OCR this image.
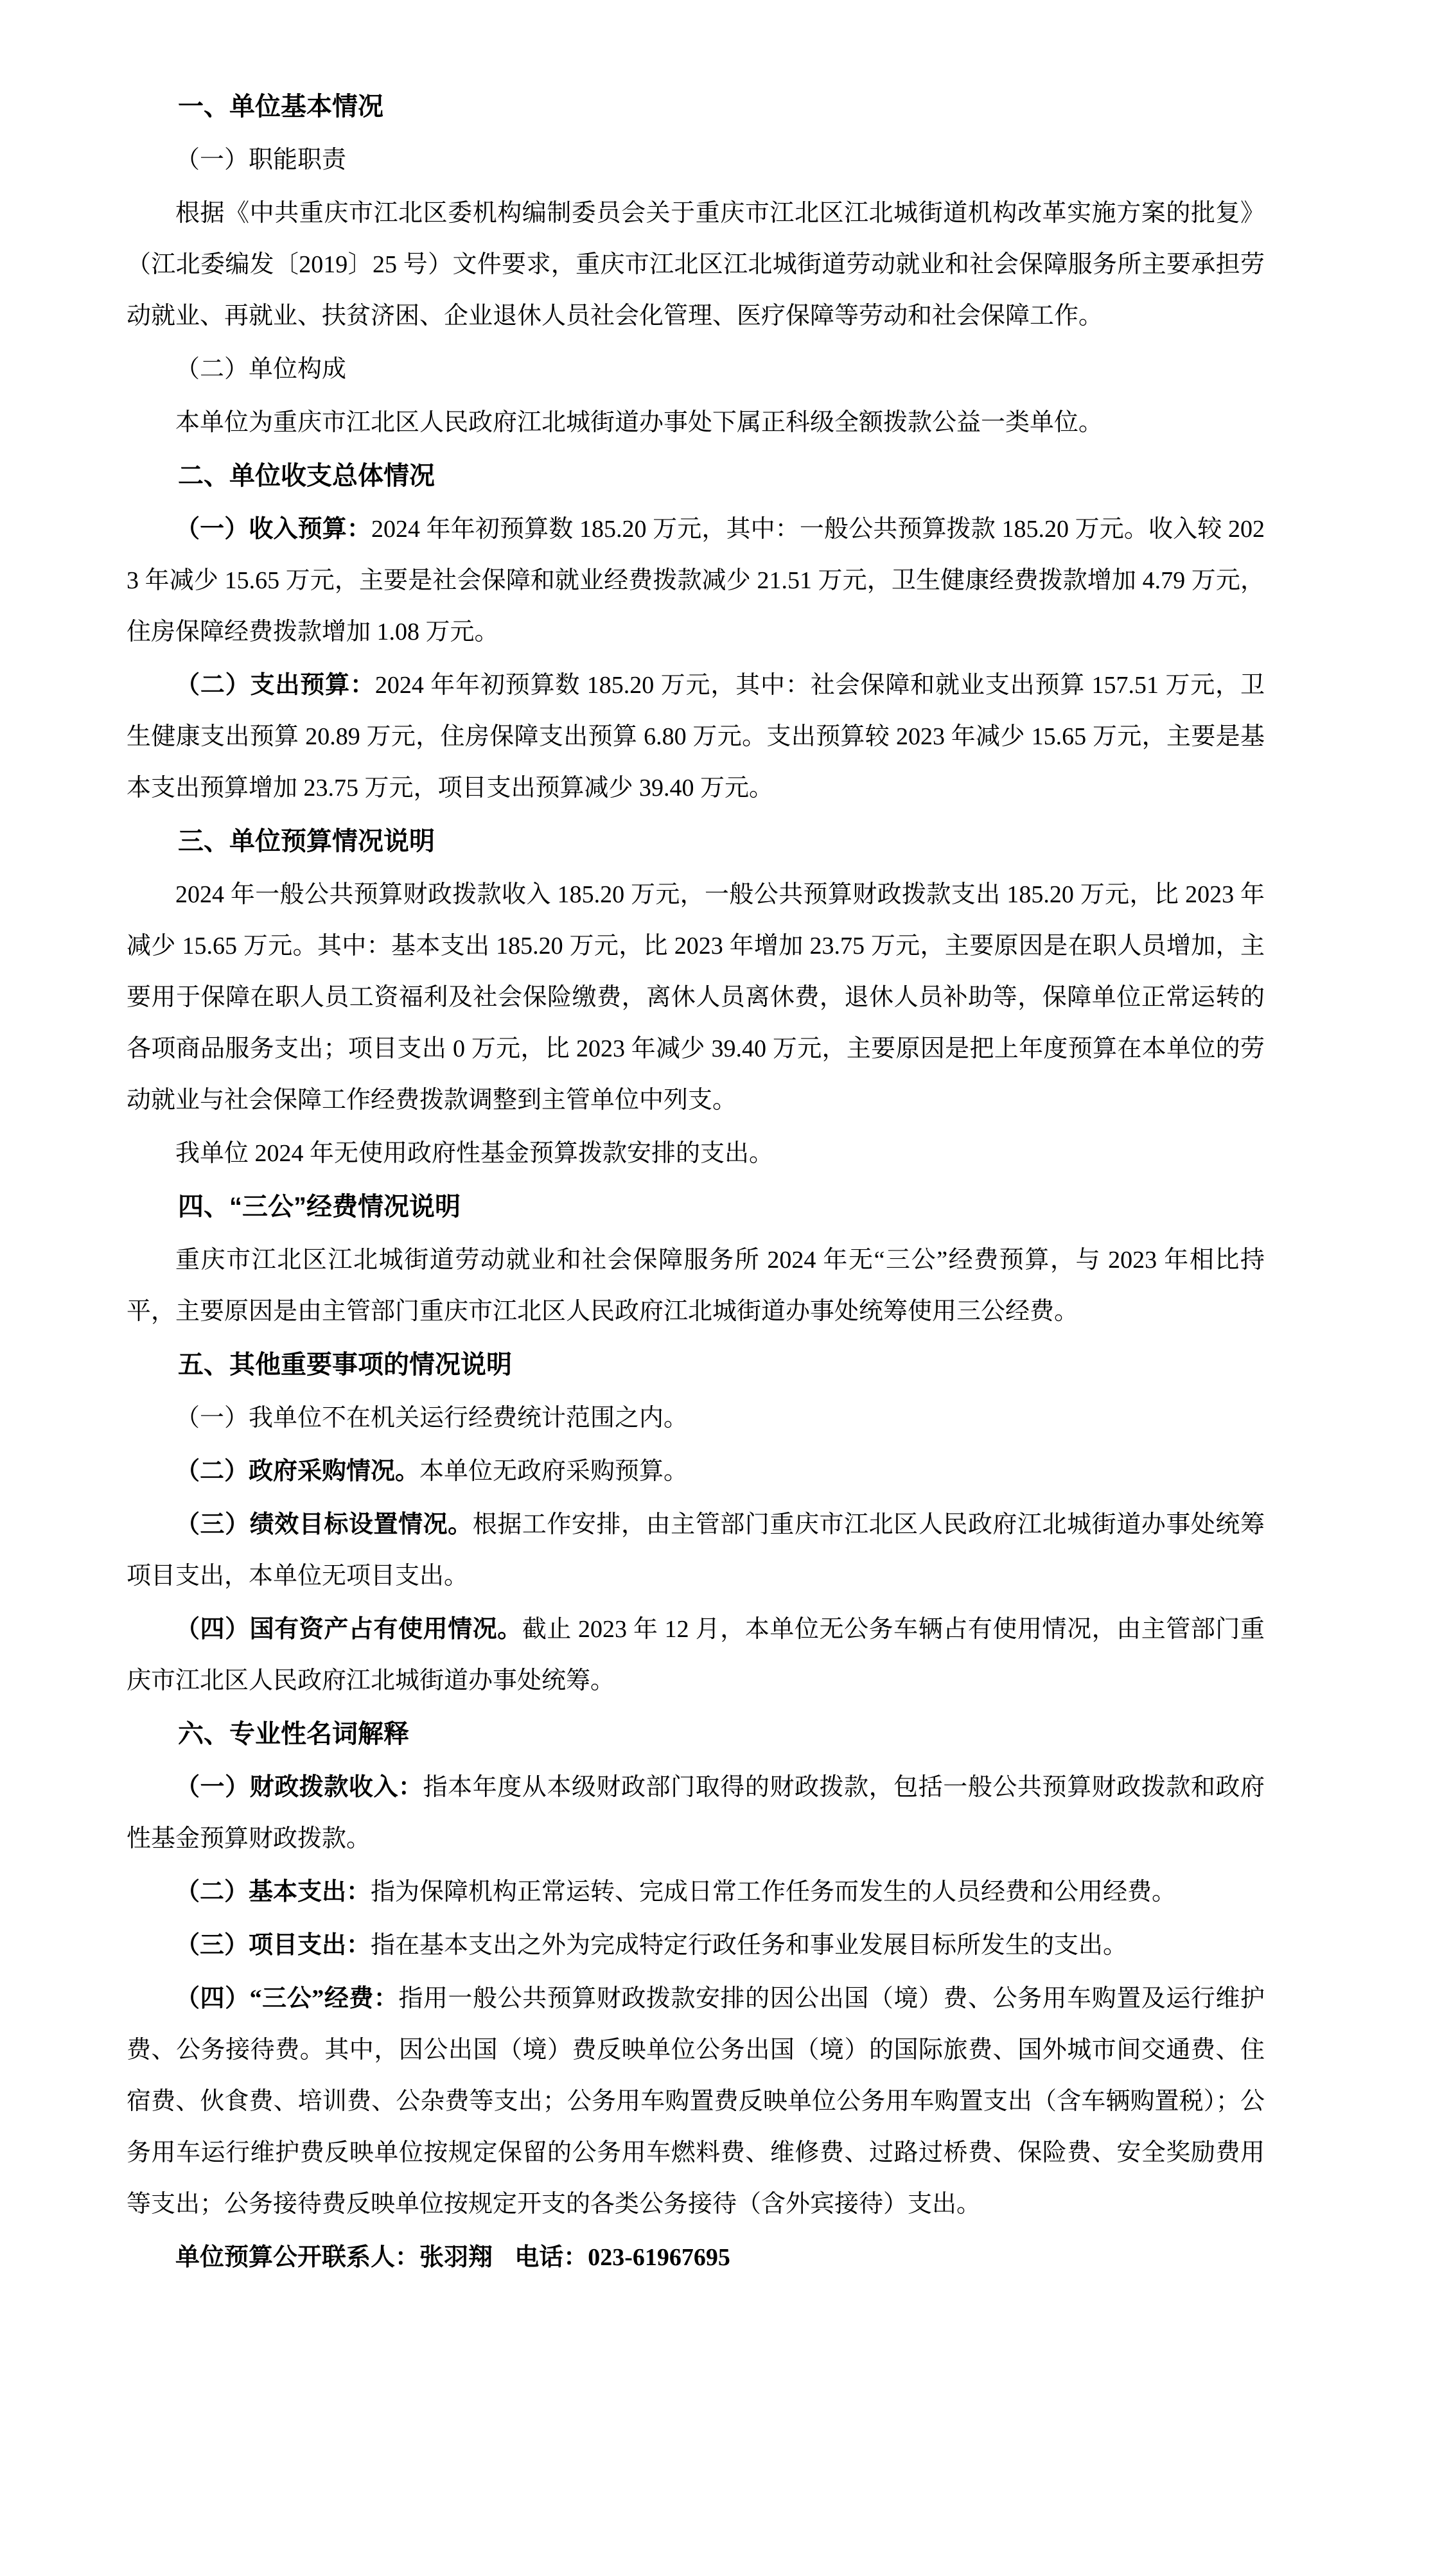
一、单位基本情况

（一）职能职责

根据《中共重庆市江北区委机构编制委员会关于重庆市江北区江北城街道机构改革实施方案的批复》（江北委编发〔2019〕25 号）文件要求，重庆市江北区江北城街道劳动就业和社会保障服务所主要承担劳动就业、再就业、扶贫济困、企业退休人员社会化管理、医疗保障等劳动和社会保障工作。

（二）单位构成

本单位为重庆市江北区人民政府江北城街道办事处下属正科级全额拨款公益一类单位。

二、单位收支总体情况

（一）收入预算：2024 年年初预算数 185.20 万元，其中：一般公共预算拨款 185.20 万元。收入较 2023 年减少 15.65 万元，主要是社会保障和就业经费拨款减少 21.51 万元，卫生健康经费拨款增加 4.79 万元，住房保障经费拨款增加 1.08 万元。

（二）支出预算：2024 年年初预算数 185.20 万元，其中：社会保障和就业支出预算 157.51 万元，卫生健康支出预算 20.89 万元，住房保障支出预算 6.80 万元。支出预算较 2023 年减少 15.65 万元，主要是基本支出预算增加 23.75 万元，项目支出预算减少 39.40 万元。

三、单位预算情况说明

2024 年一般公共预算财政拨款收入 185.20 万元，一般公共预算财政拨款支出 185.20 万元，比 2023 年减少 15.65 万元。其中：基本支出 185.20 万元，比 2023 年增加 23.75 万元，主要原因是在职人员增加，主要用于保障在职人员工资福利及社会保险缴费，离休人员离休费，退休人员补助等，保障单位正常运转的各项商品服务支出；项目支出 0 万元，比 2023 年减少 39.40 万元，主要原因是把上年度预算在本单位的劳动就业与社会保障工作经费拨款调整到主管单位中列支。

我单位 2024 年无使用政府性基金预算拨款安排的支出。

四、“三公”经费情况说明

重庆市江北区江北城街道劳动就业和社会保障服务所 2024 年无“三公”经费预算，与 2023 年相比持平，主要原因是由主管部门重庆市江北区人民政府江北城街道办事处统筹使用三公经费。

五、其他重要事项的情况说明

（一）我单位不在机关运行经费统计范围之内。

（二）政府采购情况。本单位无政府采购预算。

（三）绩效目标设置情况。根据工作安排，由主管部门重庆市江北区人民政府江北城街道办事处统筹项目支出，本单位无项目支出。

（四）国有资产占有使用情况。截止 2023 年 12 月，本单位无公务车辆占有使用情况，由主管部门重庆市江北区人民政府江北城街道办事处统筹。

六、专业性名词解释

（一）财政拨款收入：指本年度从本级财政部门取得的财政拨款，包括一般公共预算财政拨款和政府性基金预算财政拨款。

（二）基本支出：指为保障机构正常运转、完成日常工作任务而发生的人员经费和公用经费。

（三）项目支出：指在基本支出之外为完成特定行政任务和事业发展目标所发生的支出。

（四）“三公”经费：指用一般公共预算财政拨款安排的因公出国（境）费、公务用车购置及运行维护费、公务接待费。其中，因公出国（境）费反映单位公务出国（境）的国际旅费、国外城市间交通费、住宿费、伙食费、培训费、公杂费等支出；公务用车购置费反映单位公务用车购置支出（含车辆购置税）；公务用车运行维护费反映单位按规定保留的公务用车燃料费、维修费、过路过桥费、保险费、安全奖励费用等支出；公务接待费反映单位按规定开支的各类公务接待（含外宾接待）支出。

单位预算公开联系人：张羽翔 电话：023-61967695
